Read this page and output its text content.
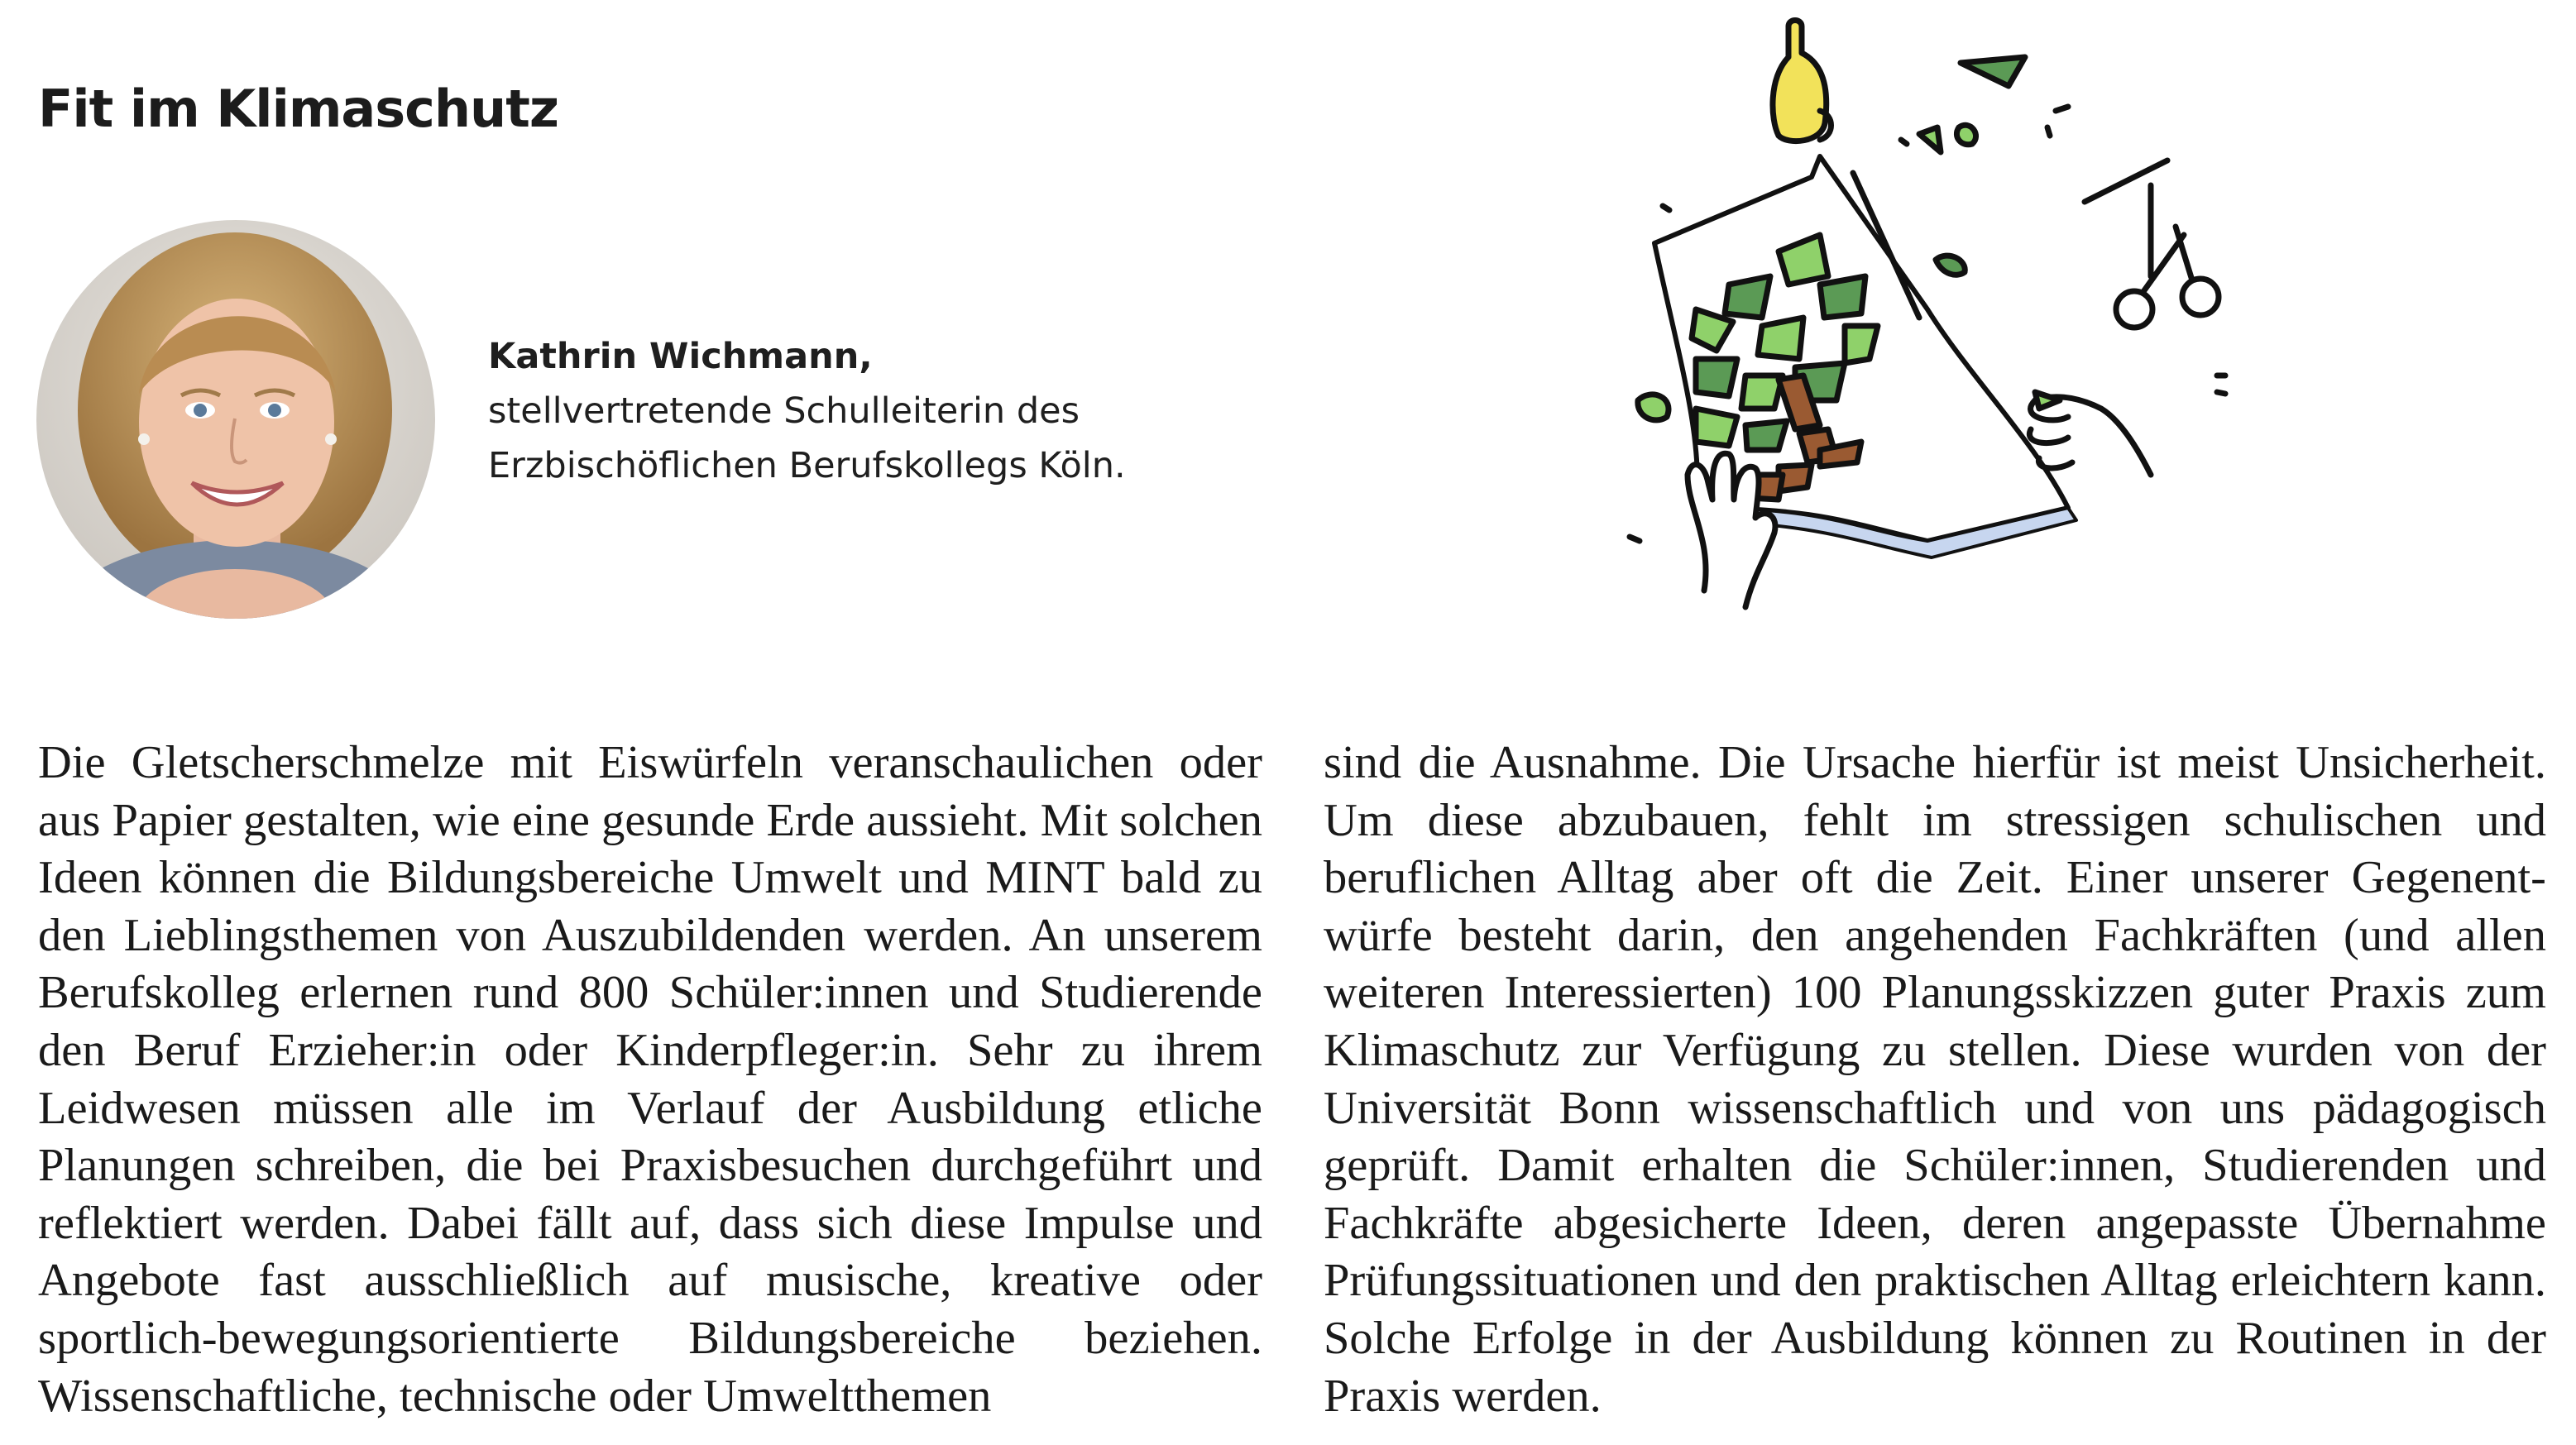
Fit im Klimaschutz
Kathrin Wichmann,
stellvertretende Schulleiterin des
Erzbischöflichen Berufskollegs Köln.
Die Gletscherschmelze mit Eiswürfeln veranschaulichen oder aus Papier gestalten, wie eine gesunde Erde aussieht. Mit solchen Ideen können die Bildungsbereiche Umwelt und MINT bald zu den Lieblingsthemen von Auszubildenden werden. An unserem Berufskolleg erlernen rund 800 Schüler:innen und Studierende den Beruf Erzieher:in oder Kinderpfleger:in. Sehr zu ihrem Leidwesen müssen alle im Verlauf der Ausbildung etliche Planungen schreiben, die bei Praxisbesuchen durchgeführt und reflektiert werden. Dabei fällt auf, dass sich diese Impulse und Angebote fast ausschließlich auf musische, kreative oder sportlich-bewegungsorientierte Bildungsbereiche beziehen. Wissenschaftliche, technische oder Umweltthemen
sind die Ausnahme. Die Ursache hierfür ist meist Unsicherheit. Um diese abzubauen, fehlt im stressigen schulischen und beruflichen Alltag aber oft die Zeit. Einer unserer Gegenentwürfe besteht darin, den angehenden Fachkräften (und allen weiteren Interessierten) 100 Planungsskizzen guter Praxis zum Klimaschutz zur Verfügung zu stellen. Diese wurden von der Universität Bonn wissenschaftlich und von uns pädagogisch geprüft. Damit erhalten die Schüler:innen, Studierenden und Fachkräfte abgesicherte Ideen, deren angepasste Übernahme Prüfungssituationen und den praktischen Alltag erleichtern kann. Solche Erfolge in der Ausbildung können zu Routinen in der Praxis werden.
